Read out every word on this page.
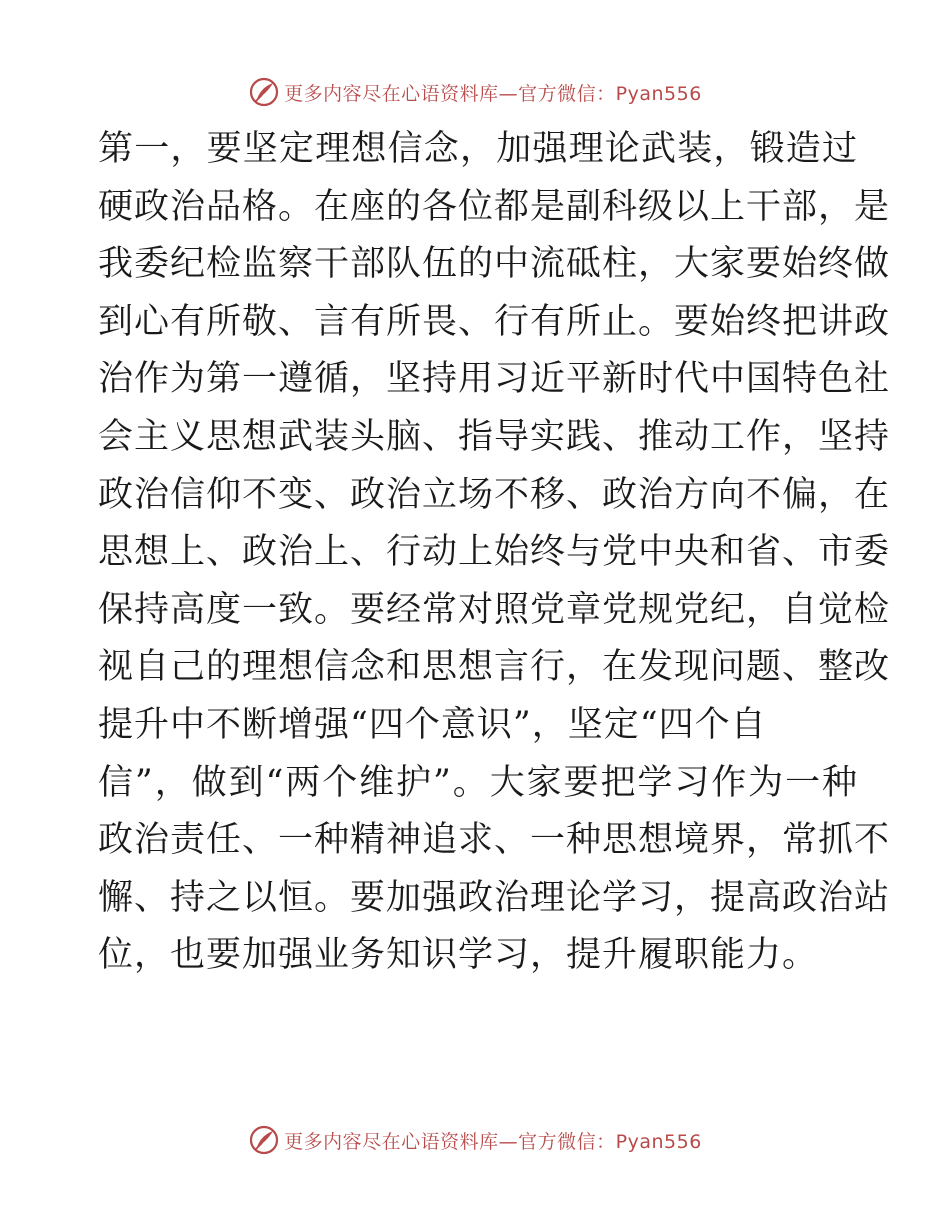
更多内容尽在心语资料库—官方微信：Pyan556
第一，要坚定理想信念，加强理论武装，锻造过
硬政治品格。在座的各位都是副科级以上干部，是
我委纪检监察干部队伍的中流砥柱，大家要始终做
到心有所敬、言有所畏、行有所止。要始终把讲政
治作为第一遵循，坚持用习近平新时代中国特色社
会主义思想武装头脑、指导实践、推动工作，坚持
政治信仰不变、政治立场不移、政治方向不偏，在
思想上、政治上、行动上始终与党中央和省、市委
保持高度一致。要经常对照党章党规党纪，自觉检
视自己的理想信念和思想言行，在发现问题、整改
提升中不断增强“四个意识”，坚定“四个自
信”，做到“两个维护”。大家要把学习作为一种
政治责任、一种精神追求、一种思想境界，常抓不
懈、持之以恒。要加强政治理论学习，提高政治站
位，也要加强业务知识学习，提升履职能力。
更多内容尽在心语资料库—官方微信：Pyan556
